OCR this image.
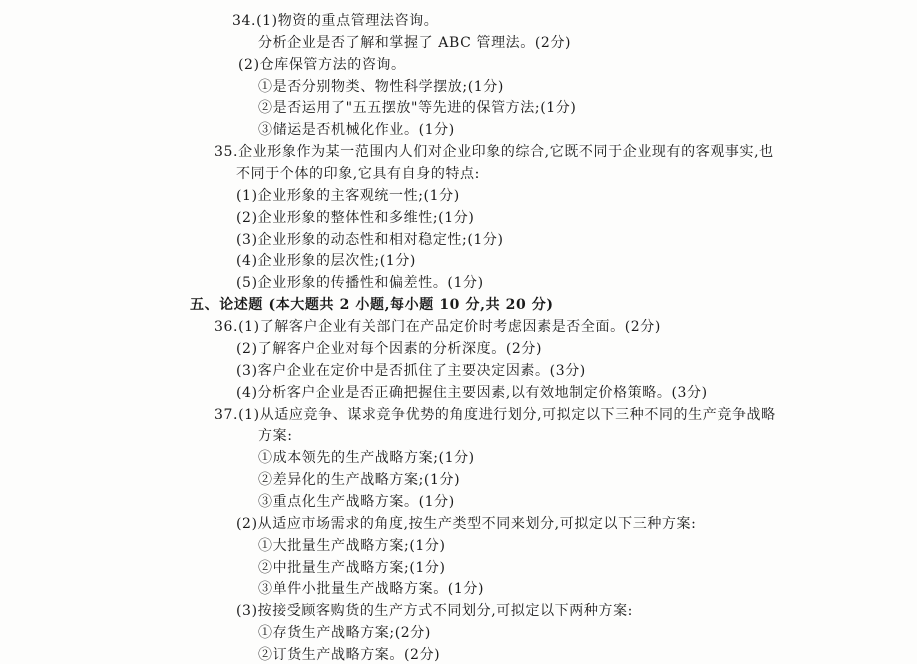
34.(1)物资的重点管理法咨询。
分析企业是否了解和掌握了 ABC 管理法。(2分)
(2)仓库保管方法的咨询。
①是否分别物类、物性科学摆放;(1分)
②是否运用了"五五摆放"等先进的保管方法;(1分)
③储运是否机械化作业。(1分)
35.企业形象作为某一范围内人们对企业印象的综合,它既不同于企业现有的客观事实,也
不同于个体的印象,它具有自身的特点:
(1)企业形象的主客观统一性;(1分)
(2)企业形象的整体性和多维性;(1分)
(3)企业形象的动态性和相对稳定性;(1分)
(4)企业形象的层次性;(1分)
(5)企业形象的传播性和偏差性。(1分)
五、论述题 (本大题共 2 小题,每小题 10 分,共 20 分)
36.(1)了解客户企业有关部门在产品定价时考虑因素是否全面。(2分)
(2)了解客户企业对每个因素的分析深度。(2分)
(3)客户企业在定价中是否抓住了主要决定因素。(3分)
(4)分析客户企业是否正确把握住主要因素,以有效地制定价格策略。(3分)
37.(1)从适应竞争、谋求竞争优势的角度进行划分,可拟定以下三种不同的生产竞争战略
方案:
①成本领先的生产战略方案;(1分)
②差异化的生产战略方案;(1分)
③重点化生产战略方案。(1分)
(2)从适应市场需求的角度,按生产类型不同来划分,可拟定以下三种方案:
①大批量生产战略方案;(1分)
②中批量生产战略方案;(1分)
③单件小批量生产战略方案。(1分)
(3)按接受顾客购货的生产方式不同划分,可拟定以下两种方案:
①存货生产战略方案;(2分)
②订货生产战略方案。(2分)
